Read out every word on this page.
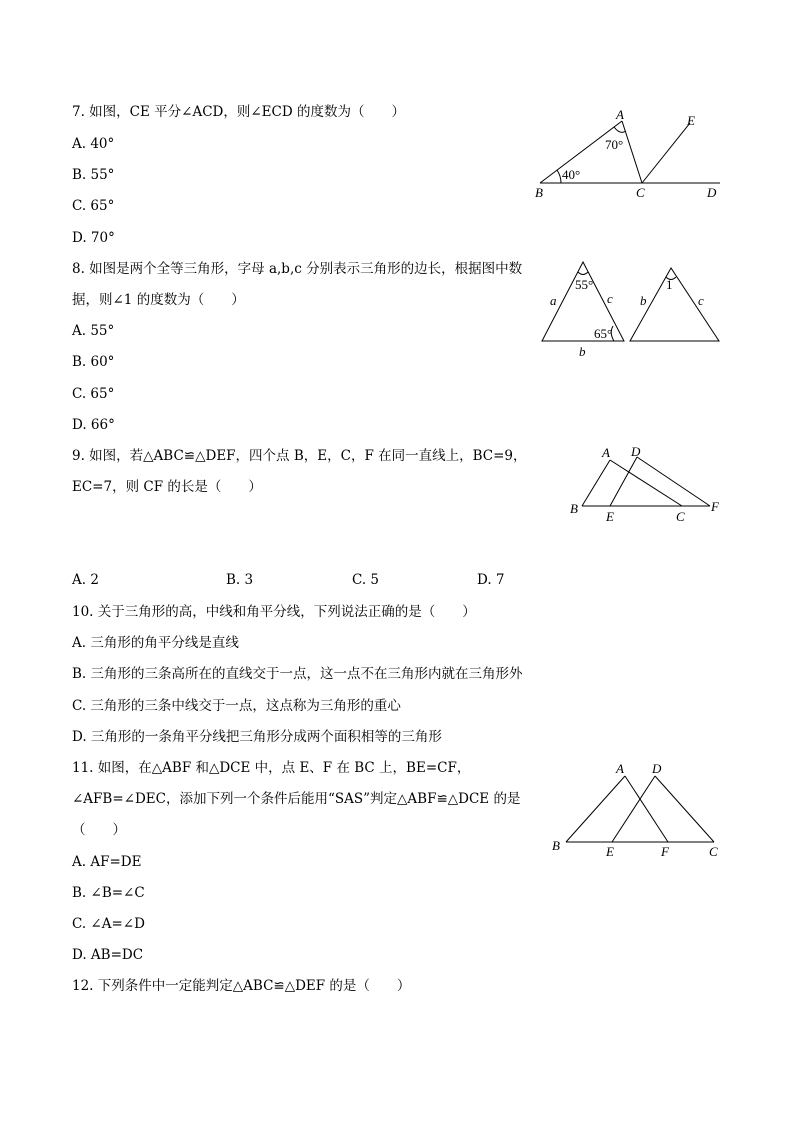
7. 如图，CE 平分∠ACD，则∠ECD 的度数为（　　）
A. 40°
B. 55°
C. 65°
D. 70°
8. 如图是两个全等三角形，字母 a,b,c 分别表示三角形的边长，根据图中数
据，则∠1 的度数为（　　）
A. 55°
B. 60°
C. 65°
D. 66°
9. 如图，若△ABC≌△DEF，四个点 B，E，C，F 在同一直线上，BC=9，
EC=7，则 CF 的长是（　　）
A. 2	B. 3	C. 5	D. 7
10. 关于三角形的高，中线和角平分线，下列说法正确的是（　　）
A. 三角形的角平分线是直线
B. 三角形的三条高所在的直线交于一点，这一点不在三角形内就在三角形外
C. 三角形的三条中线交于一点，这点称为三角形的重心
D. 三角形的一条角平分线把三角形分成两个面积相等的三角形
11. 如图，在△ABF 和△DCE 中，点 E、F 在 BC 上，BE=CF，
∠AFB=∠DEC，添加下列一个条件后能用“SAS”判定△ABF≌△DCE 的是
（　　）
A. AF=DE
B. ∠B=∠C
C. ∠A=∠D
D. AB=DC
12. 下列条件中一定能判定△ABC≌△DEF 的是（　　）
A
B	C	D
E
70°
40°
a	c
b
55°
65°
b	c
1
A D
B
E	C
F
A D
B	E	F	C
